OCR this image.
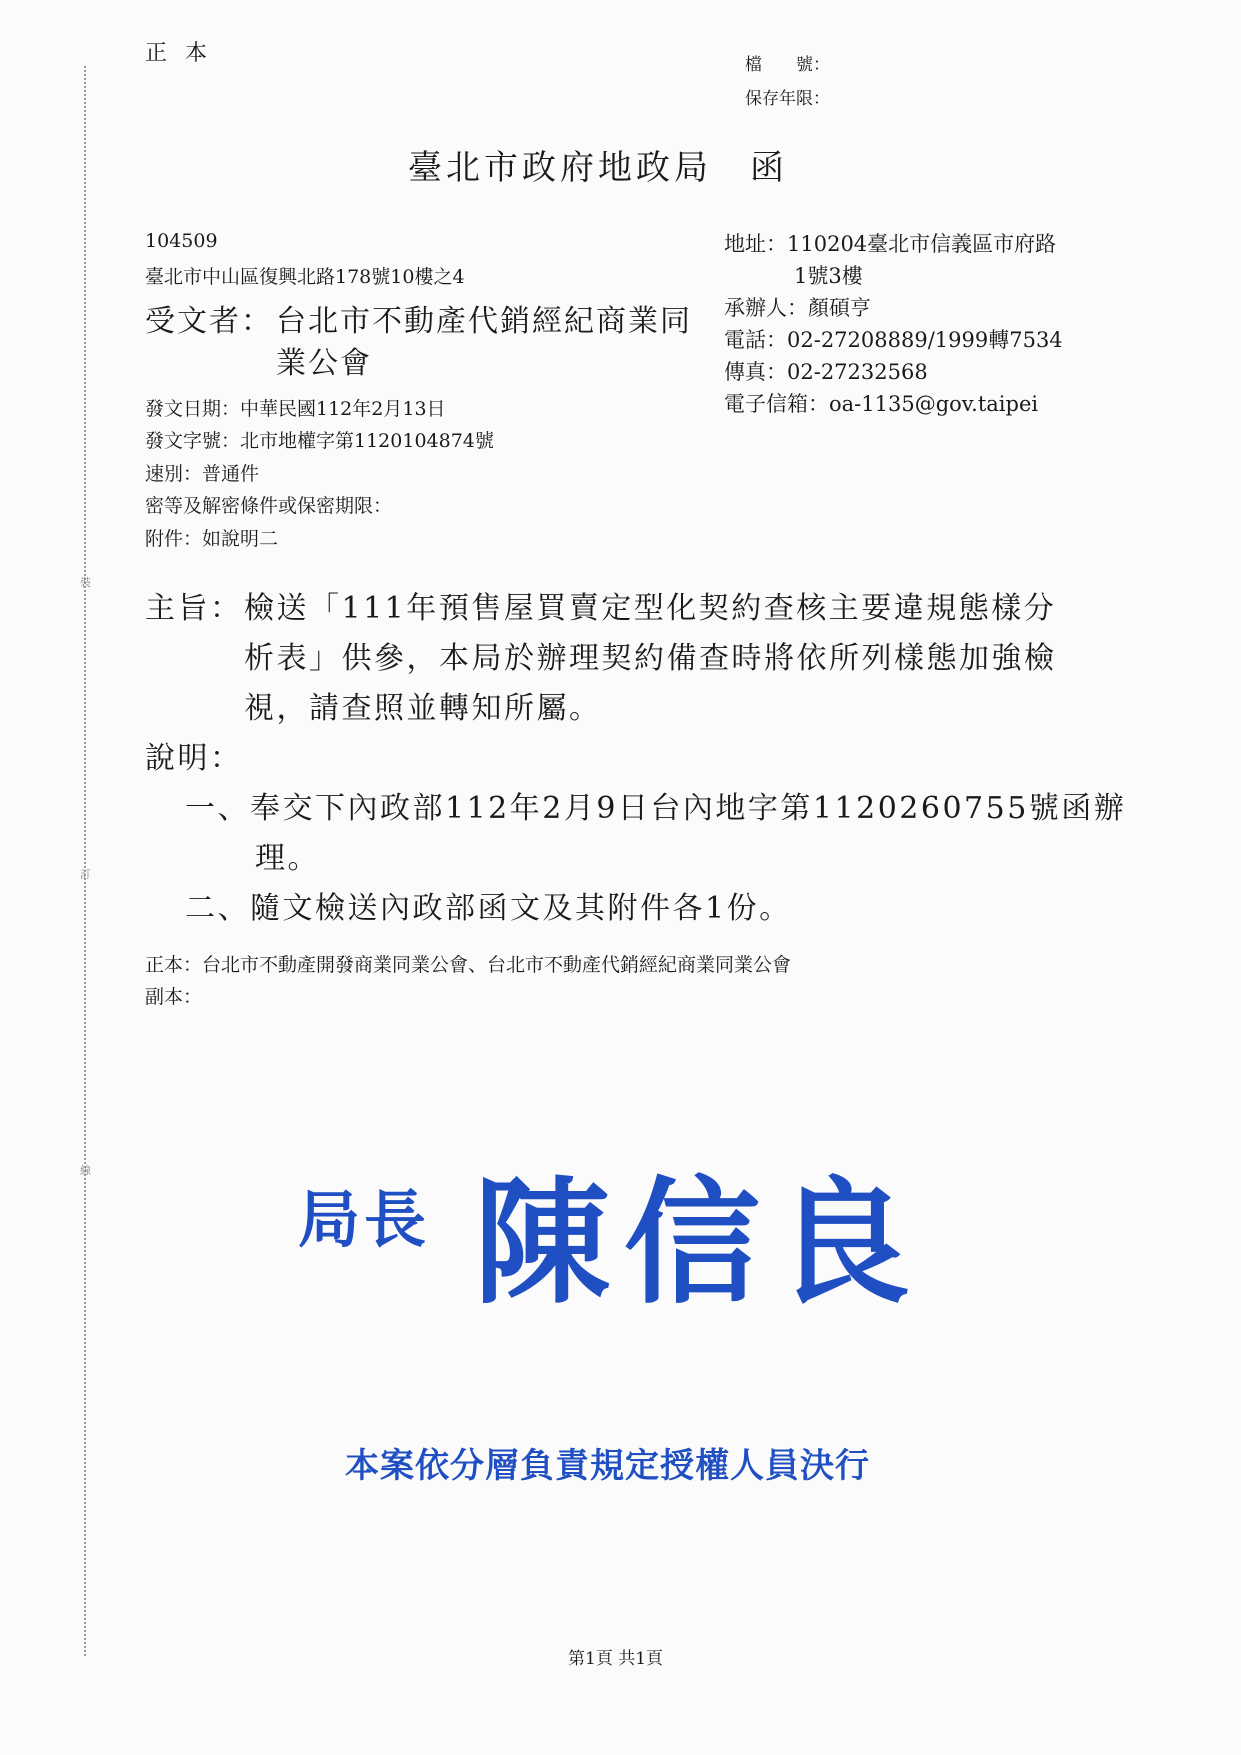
裝
訂
線
正本	檔　　號：
保存年限：
臺北市政府地政局　函
104509
臺北市中山區復興北路178號10樓之4
受文者： 台北市不動產代銷經紀商業同
業公會
地址：110204臺北市信義區市府路
1號3樓
承辦人：顏碩亨
電話：02-27208889/1999轉7534
傳真：02-27232568
電子信箱：oa-1135@gov.taipei
發文日期：中華民國112年2月13日
發文字號：北市地權字第1120104874號
速別：普通件
密等及解密條件或保密期限：
附件：如說明二
主旨： 檢送「111年預售屋買賣定型化契約查核主要違規態樣分
析表」供參，本局於辦理契約備查時將依所列樣態加強檢
視，請查照並轉知所屬。
說明：
一、奉交下內政部112年2月9日台內地字第1120260755號函辦
理。
二、隨文檢送內政部函文及其附件各1份。
正本：台北市不動產開發商業同業公會、台北市不動產代銷經紀商業同業公會
副本：
局長 陳信良
本案依分層負責規定授權人員決行
第1頁 共1頁
